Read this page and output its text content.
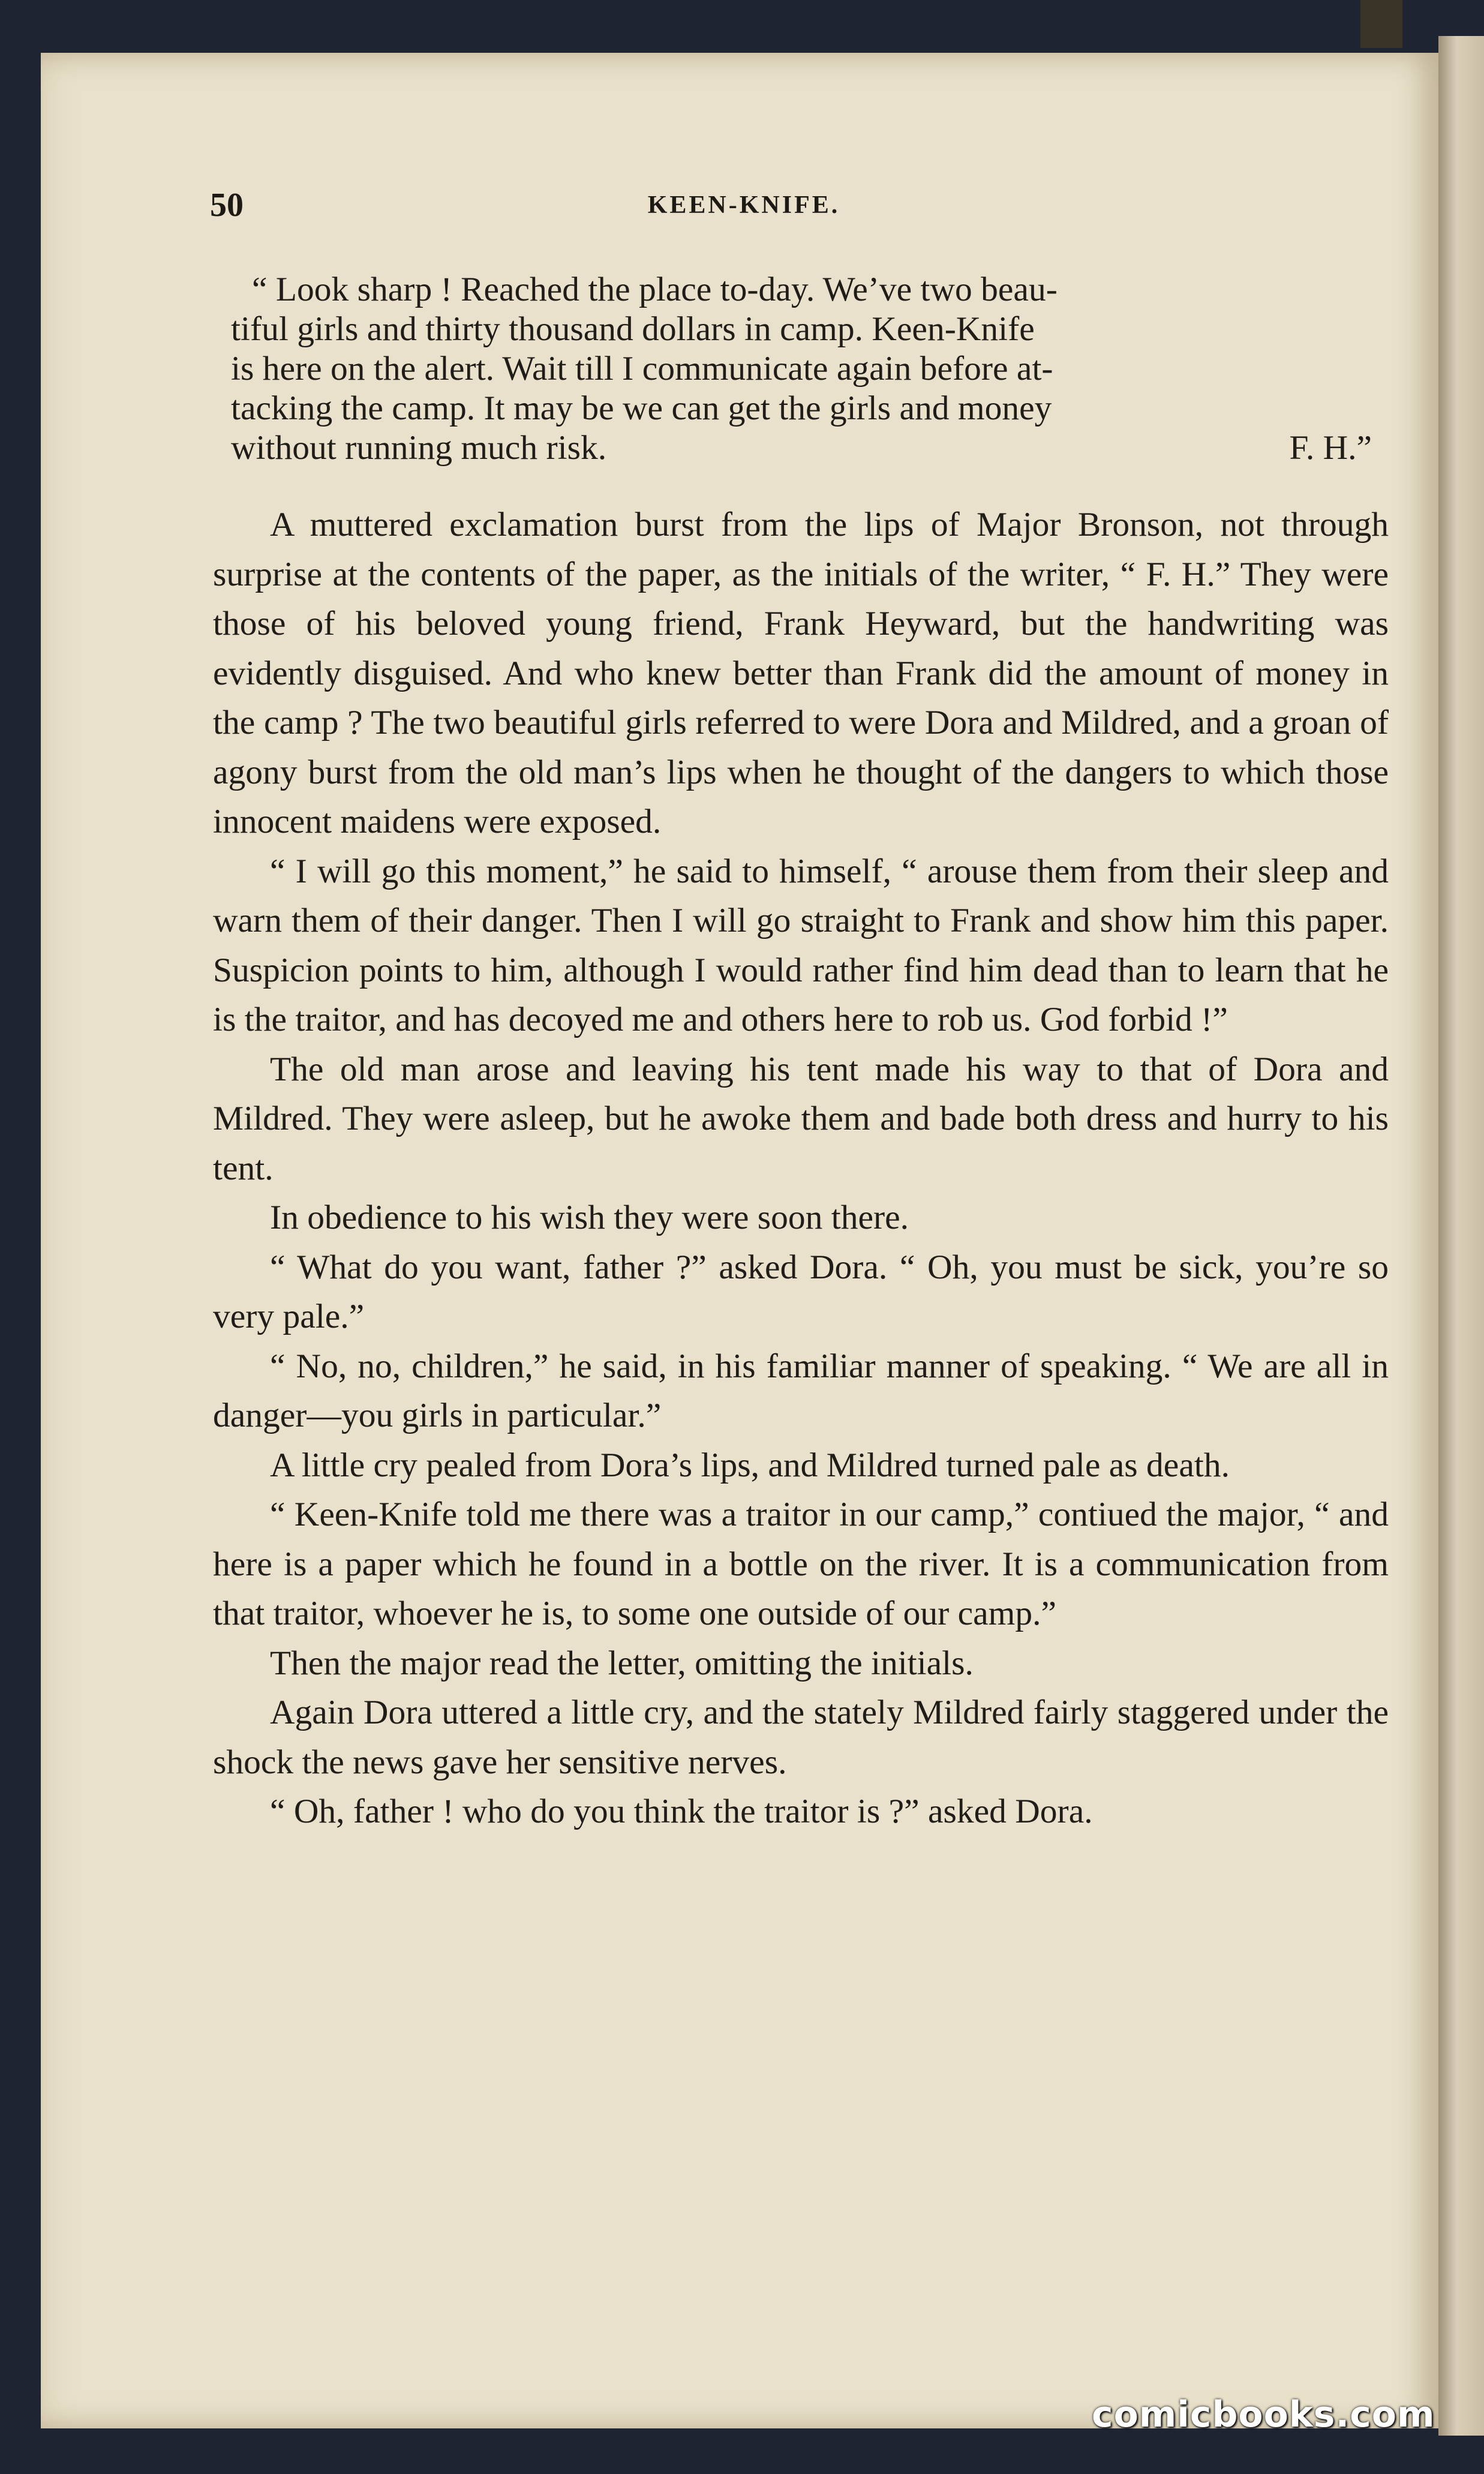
50	KEEN-KNIFE.

“ Look sharp ! Reached the place to-day. We’ve two beau-

tiful girls and thirty thousand dollars in camp. Keen-Knife

is here on the alert. Wait till I communicate again before at-

tacking the camp. It may be we can get the girls and money

without running much risk.	F. H.”

A muttered exclamation burst from the lips of Major Bronson, not through surprise at the contents of the paper, as the initials of the writer, “ F. H.” They were those of his beloved young friend, Frank Heyward, but the handwriting was evidently disguised. And who knew better than Frank did the amount of money in the camp ? The two beautiful girls referred to were Dora and Mildred, and a groan of agony burst from the old man’s lips when he thought of the dangers to which those innocent maidens were exposed.

“ I will go this moment,” he said to himself, “ arouse them from their sleep and warn them of their danger. Then I will go straight to Frank and show him this paper. Suspicion points to him, although I would rather find him dead than to learn that he is the traitor, and has decoyed me and others here to rob us. God forbid !”

The old man arose and leaving his tent made his way to that of Dora and Mildred. They were asleep, but he awoke them and bade both dress and hurry to his tent.

In obedience to his wish they were soon there.

“ What do you want, father ?” asked Dora. “ Oh, you must be sick, you’re so very pale.”

“ No, no, children,” he said, in his familiar manner of speaking. “ We are all in danger—you girls in particular.”

A little cry pealed from Dora’s lips, and Mildred turned pale as death.

“ Keen-Knife told me there was a traitor in our camp,” contiued the major, “ and here is a paper which he found in a bottle on the river. It is a communication from that traitor, whoever he is, to some one outside of our camp.”

Then the major read the letter, omitting the initials.

Again Dora uttered a little cry, and the stately Mildred fairly staggered under the shock the news gave her sensitive nerves.

“ Oh, father ! who do you think the traitor is ?” asked Dora.

comicbooks.com
